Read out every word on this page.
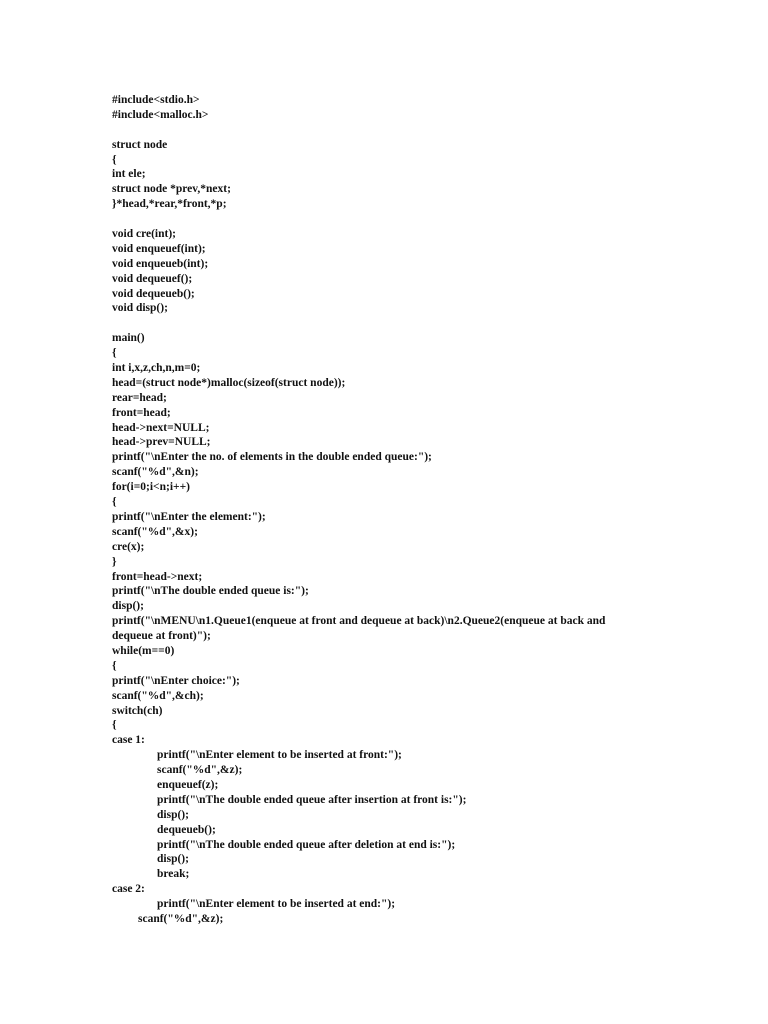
#include<stdio.h>
#include<malloc.h>
struct node
{
int ele;
struct node *prev,*next;
}*head,*rear,*front,*p;
void cre(int);
void enqueuef(int);
void enqueueb(int);
void dequeuef();
void dequeueb();
void disp();
main()
{
int i,x,z,ch,n,m=0;
head=(struct node*)malloc(sizeof(struct node));
rear=head;
front=head;
head->next=NULL;
head->prev=NULL;
printf("\nEnter the no. of elements in the double ended queue:");
scanf("%d",&n);
for(i=0;i<n;i++)
{
printf("\nEnter the element:");
scanf("%d",&x);
cre(x);
}
front=head->next;
printf("\nThe double ended queue is:");
disp();
printf("\nMENU\n1.Queue1(enqueue at front and dequeue at back)\n2.Queue2(enqueue at back and
dequeue at front)");
while(m==0)
{
printf("\nEnter choice:");
scanf("%d",&ch);
switch(ch)
{
case 1:
printf("\nEnter element to be inserted at front:");
scanf("%d",&z);
enqueuef(z);
printf("\nThe double ended queue after insertion at front is:");
disp();
dequeueb();
printf("\nThe double ended queue after deletion at end is:");
disp();
break;
case 2:
printf("\nEnter element to be inserted at end:");
scanf("%d",&z);
